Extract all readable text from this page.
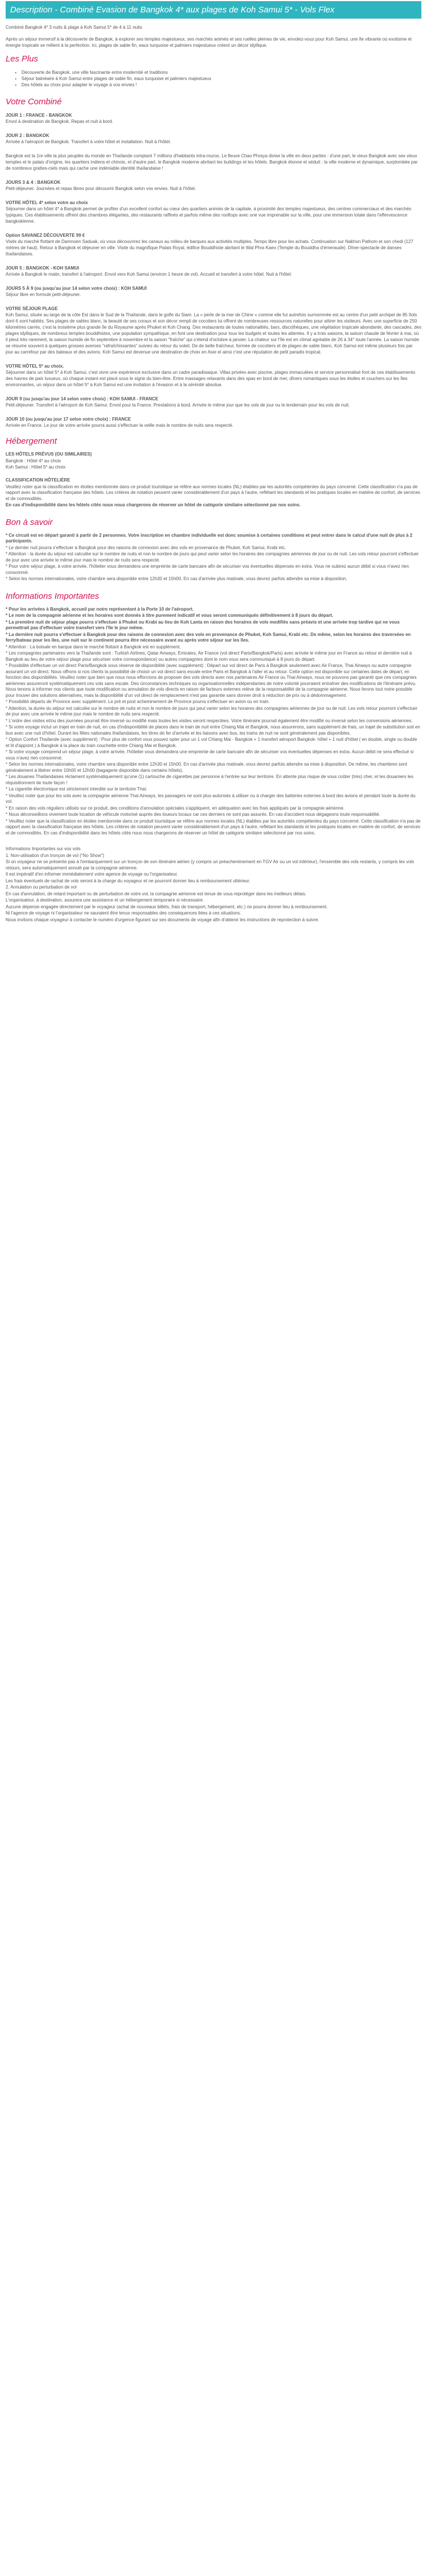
Description - Combiné Evasion de Bangkok 4* aux plages de Koh Samui 5* - Vols Flex

Combiné Bangkok 4* 3 nuits & plage à Koh Samui 5* de 4 à 11 nuits

Après un séjour immersif à la découverte de Bangkok, à explorer ses temples majestueux, ses marchés animés et ses ruelles pleines de vie, envolez-vous pour Koh Samui, une île vibrante où exotisme et énergie tropicale se mêlent à la perfection. Ici, plages de sable fin, eaux turquoise et palmiers majestueux créent un décor idyllique.

Les Plus
• Découverte de Bangkok, une ville fascinante entre modernité et traditions
• Séjour balnéaire à Koh Samui entre plages de sable fin, eaux turquoise et palmiers majestueux
• Des hôtels au choix pour adapter le voyage à vos envies !
Votre Combiné
JOUR 1 : FRANCE - BANGKOK
Envol à destination de Bangkok. Repas et nuit à bord.
JOUR 2 : BANGKOK
Arrivée à l'aéroport de Bangkok. Transfert à votre hôtel et installation. Nuit à l'hôtel.
Bangkok est la 1re ville la plus peuplée du monde en Thaïlande comptant 7 millions d'habitants intra-muros. Le fleuve Chao Phraya divise la ville en deux parties : d'une part, le vieux Bangkok avec ses vieux temples et le palais d'origine, les quartiers indiens et chinois, et d'autre part, le Bangkok moderne abritant les buildings et les hôtels. Bangkok étonne et séduit : la ville moderne et dynamique, surplombée par de nombreux grattes-ciels mais qui cache une indéniable identité thaïlandaise !
JOURS 3 & 4 : BANGKOK
Petit-déjeuner. Journées et repas libres pour découvrir Bangkok selon vos envies. Nuit à l'hôtel.
VOTRE HÔTEL 4* selon votre au choix
Séjourner dans un hôtel 4* à Bangkok permet de profiter d'un excellent confort au cœur des quartiers animés de la capitale, à proximité des temples majestueux, des centres commerciaux et des marchés typiques. Ces établissements offrent des chambres élégantes, des restaurants raffinés et parfois même des rooftops avec une vue imprenable sur la ville, pour une immersion totale dans l'effervescence bangkokienne.
Option SAVANEZ DÉCOUVERTE 99 €
Visite du marché flottant de Damnoen Saduak, où vous découvrirez les canaux au milieu de barques aux activités multiples. Temps libre pour les achats. Continuation sur Nakhon Pathom et son chedi (127 mètres de haut). Retour à Bangkok et déjeuner en ville. Visite du magnifique Palais Royal, édifice Bouddhiste abritant le Wat Phra Kaeo (Temple du Bouddha d'émeraude). Dîner-spectacle de danses thaïlandaises.
JOUR 5 : BANGKOK - KOH SAMUI
Arrivée à Bangkok le matin, transfert à l'aéroport. Envol vers Koh Samui (environ 1 heure de vol). Accueil et transfert à votre hôtel. Nuit à l'hôtel.
JOURS 5 À 9 (ou jusqu'au jour 14 selon votre choix) : KOH SAMUI
Séjour libre en formule petit-déjeuner.
VOTRE SÉJOUR PLAGE
Koh Samui, située au large de la côte Est dans le Sud de la Thaïlande, dans le golfe du Siam. La « perle de la mer de Chine » comme elle fut autrefois surnommée est au centre d'un petit archipel de 85 îlots dont 6 sont habités. Ses plages de sables blanc, la beauté de ses coraux et son décor rempli de cocotiers lui offrent de nombreuses ressources naturelles pour attirer les visiteurs. Avec une superficie de 250 kilomètres carrés, c'est la troisième plus grande île du Royaume après Phuket et Koh Chang. Des restaurants de toutes nationalités, bars, discothèques, une végétation tropicale abondante, des cascades, des plages idylliques, de nombreux temples bouddhistes, une population sympathique, en font une destination pour tous les budgets et toutes les attentes. Il y a trois saisons, la saison chaude de février à mai, où il pleut très rarement, la saison humide de fin septembre à novembre et la saison "fraîche" qui s'étend d'octobre à janvier. La chaleur sur l'île est en climat agréable de 26 à 34° toute l'année. La saison humide se résume souvent à quelques grosses averses "rafraîchissantes" suivies du retour du soleil. De de belle fraîcheur, formée de cocotiers et de plages de sable blanc, Koh Samui est même plusieurs fois par jour au carrefour par des bateaux et des avions. Koh Samui est devenue une destination de choix en Asie et ainsi c'est une réputation de petit paradis tropical.
VOTRE HÔTEL 5* au choix.
Séjourner dans un hôtel 5* à Koh Samui, c'est vivre une expérience exclusive dans un cadre paradisiaque. Villas privées avec piscine, plages immaculées et service personnalisé font de ces établissements des havres de paix luxueux, où chaque instant est placé sous le signe du bien-être. Entre massages relaxants dans des spas en bord de mer, dîners romantiques sous les étoiles et couchers sur les îles environnantes, un séjour dans un hôtel 5* à Koh Samui est une invitation à l'évasion et à la sérénité absolue.
JOUR 9 (ou jusqu'au jour 14 selon votre choix) : KOH SAMUI - FRANCE
Petit-déjeuner. Transfert à l'aéroport de Koh Samui. Envol pour la France. Prestations à bord. Arrivée le même jour que les vols de jour ou le lendemain pour les vols de nuit.
JOUR 10 (ou jusqu'au jour 17 selon votre choix) : FRANCE
Arrivée en France. Le jour de votre arrivée pourra aussi s'effectuer la veille mais le nombre de nuits sera respecté.
Hébergement

LES HÔTELS PRÉVUS (OU SIMILAIRES)

Bangkok : Hôtel 4* au choix

Koh Samui : Hôtel 5* au choix

CLASSIFICATION HÔTELIÈRE

Veuillez noter que la classification en étoiles mentionnée dans ce produit touristique se réfère aux normes locales (NL) établies par les autorités compétentes du pays concerné. Cette classification n'a pas de rapport avec la classification française des hôtels. Les critères de notation peuvent varier considérablement d'un pays à l'autre, reflétant les standards et les pratiques locales en matière de confort, de services et de commodités.

En cas d'indisponibilité dans les hôtels cités nous nous chargerons de réserver un hôtel de catégorie similaire sélectionné par nos soins.

Bon à savoir

* Ce circuit est en départ garanti à partir de 2 personnes. Votre inscription en chambre individuelle est donc soumise à certaines conditions et peut entrer dans le calcul d'une nuit de plus à 2 participants.

* Le dernier nuit pourra s'effectuer à Bangkok pour des raisons de connexion avec des vols en provenance de Phuket, Koh Samui, Krabi etc.

* Attention : la durée du séjour est calculée sur le nombre de nuits et non le nombre de jours qui peut varier selon les horaires des compagnies aériennes de jour ou de nuit. Les vols retour pourront s'effectuer de jour avec une arrivée le même jour mais le nombre de nuits sera respecté.

* Pour votre séjour plage, à votre arrivée, l'hôtelier vous demandera une empreinte de carte bancaire afin de sécuriser vos éventuelles dépenses en extra. Vous ne subirez aucun débit si vous n'avez rien consommé.

* Selon les normes internationales, votre chambre sera disponible entre 12h30 et 15h00. En cas d'arrivée plus matinale, vous devrez parfois attendre sa mise à disposition.

Informations Importantes

* Pour les arrivées à Bangkok, accueil par notre représentant à la Porte 10 de l'aéroport.

* Le nom de la compagnie aérienne et les horaires sont donnés à titre purement indicatif et vous seront communiqués définitivement à 8 jours du départ.

* La première nuit de séjour plage pourra s'effectuer à Phuket ou Krabi au lieu de Koh Lanta en raison des horaires de vols modifiés sans préavis et une arrivée trop tardive qui ne vous permettrait pas d'effectuer votre transfert vers l'île le jour même.

* La dernière nuit pourra s'effectuer à Bangkok pour des raisons de connexion avec des vols en provenance de Phuket, Koh Samui, Krabi etc. De même, selon les horaires des traversées en ferry/bateau pour les îles, une nuit sur le continent pourra être nécessaire avant ou après votre séjour sur les îles.

* Attention : La bolsale en barque dans le marché flottant à Bangkok est en supplément.

* Les compagnies partenaires vers la Thaïlande sont : Turkish Airlines, Qatar Airways, Emirates, Air France (vol direct Paris/Bangkok/Paris) avec arrivée le même jour en France au retour et dernière nuit à Bangkok au lieu de votre séjour plage pour sécuriser votre correspondance) ou autres compagnies dont le nom vous sera communiqué à 8 jours du départ.

* Possibilité d'effectuer un vol direct Paris/Bangkok sous réserve de disponibilité (avec supplément) : Départ sur vol direct de Paris à Bangkok seulement avec Air France, Thai Airways ou autre compagnie assurant un vol direct. Nous offrons si nos clients la possibilité de choisir un vol direct sans escale entre Paris et Bangkok à l'aller et au retour. Cette option est disponible sur certaines dates de départ, en fonction des disponibilités. Veuillez noter que bien que nous nous efforcions de proposer des vols directs avec nos partenaires Air France ou Thai Airways, nous ne pouvons pas garantir que ces compagnies aériennes assureront systématiquement ces vols sans escale. Des circonstances techniques ou organisationnelles indépendantes de notre volonté pourraient entraîner des modifications de l'itinéraire prévu. Nous tenons à informer nos clients que toute modification ou annulation de vols directs en raison de facteurs externes relève de la responsabilité de la compagnie aérienne. Nous ferons tout notre possible pour trouver des solutions alternatives, mais la disponibilité d'un vol direct de remplacement n'est pas garantie sans donner droit à réduction de prix ou à dédommagement.

* Possibilité départs de Province avec supplément. Le pré et post acheminement de Province pourra s'effectuer en avion ou en train.

* Attention, la durée du séjour est calculée sur le nombre de nuits et non le nombre de jours qui peut varier selon les horaires des compagnies aériennes de jour ou de nuit. Les vols retour pourront s'effectuer de jour avec une arrivée le même jour mais le nombre de nuits sera respecté.

* L'ordre des visites et/ou des journées pourrait être inversé ou modifié mais toutes les visites seront respectées. Votre itinéraire pourrait également être modifié ou inversé selon les conversions aériennes.

* Si votre voyage inclut un trajet en train de nuit, en cas d'indisponibilité de places dans le train de nuit entre Chiang Mai et Bangkok, nous assurerons, sans supplément de frais, un trajet de substitution soit en bus avec une nuit d'hôtel. Durant les fêtes nationales thaïlandaises, les titres de fer d'arrivée et les liaisons avec bus, les trains de nuit ne sont généralement pas disponibles.

* Option Confort Thaïlande (avec supplément) : Pour plus de confort vous pouvez opter pour un 1 vol Chiang Mai - Bangkok + 1 transfert aéroport Bangkok- hôtel + 1 nuit d'hôtel ( en double, single ou double et lit d'appoint ) à Bangkok à la place du train couchette entre Chiang Mai et Bangkok.

* Si votre voyage comprend un séjour plage, à votre arrivée, l'hôtelier vous demandera une empreinte de carte bancaire afin de sécuriser vos éventuelles dépenses en extra. Aucun débit ne sera effectué si vous n'avez rien consommé.

* Selon les normes internationales, votre chambre sera disponible entre 12h30 et 15h00. En cas d'arrivée plus matinale, vous devrez parfois attendre sa mise à disposition. De même, les chambres sont généralement à libérer entre 10h00 et 12h00 (bagagerie disponible dans certains hôtels).

* Les douanes Thaïlandaises réclament systématiquement qu'une (1) cartouche de cigarettes par personne à l'entrée sur leur territoire. En attente plus risque de vous coûter (très) cher, et les douaniers les réquisitionnent de toute façon !

* La cigarette électronique est strictement interdite sur le territoire Thaï.

* Veuillez noter que pour les vols avec la compagnie aérienne Thai Airways, les passagers ne sont plus autorisés à utiliser ou à charger des batteries externes à bord des avions et pendant toute la durée du vol.

* En raison des vols réguliers utilisés sur ce produit, des conditions d'annulation spéciales s'appliquent, en adéquation avec les frais appliqués par la compagnie aérienne.

* Nous déconseillons vivement toute location de véhicule motorisé auprès des loueurs locaux car ces derniers ne sont pas assurés. En cas d'accident nous dégageons toute responsabilité.

* Veuillez noter que la classification en étoiles mentionnée dans ce produit touristique se réfère aux normes locales (NL) établies par les autorités compétentes du pays concerné. Cette classification n'a pas de rapport avec la classification française des hôtels. Les critères de notation peuvent varier considérablement d'un pays à l'autre, reflétant les standards et les pratiques locales en matière de confort, de services et de commodités. En cas d'indisponibilité dans les hôtels cités nous nous chargerons de réserver un hôtel de catégorie similaire sélectionné par nos soins.

Informations Importantes sur vos vols

1. Non-utilisation d'un tronçon de vol ("No Show")

Si un voyageur ne se présente pas à l'embarquement sur un tronçon de son itinéraire aérien (y compris un préacheminement en TGV Air ou un vol intérieur), l'ensemble des vols restants, y compris les vols retours, sera automatiquement annulé par la compagnie aérienne.

Il est impératif d'en informer immédiatement votre agence de voyage ou l'organisateur.

Les frais éventuels de rachat de vols seront à la charge du voyageur et ne pourront donner lieu à remboursement ultérieur.

2. Annulation ou perturbation de vol

En cas d'annulation, de retard important ou de perturbation de votre vol, la compagnie aérienne est tenue de vous reprotéger dans les meilleurs délais.

L'organisateur, à destination, assurera une assistance et un hébergement temporaire si nécessaire.

Aucune dépense engagée directement par le voyageur (achat de nouveaux billets, frais de transport, hébergement, etc.) ne pourra donner lieu à remboursement.

Ni l'agence de voyage ni l'organisateur ne sauraient être tenus responsables des conséquences liées à ces situations.

Nous invitons chaque voyageur à contacter le numéro d'urgence figurant sur ses documents de voyage afin d'obtenir les instructions de reprotection à suivre.
